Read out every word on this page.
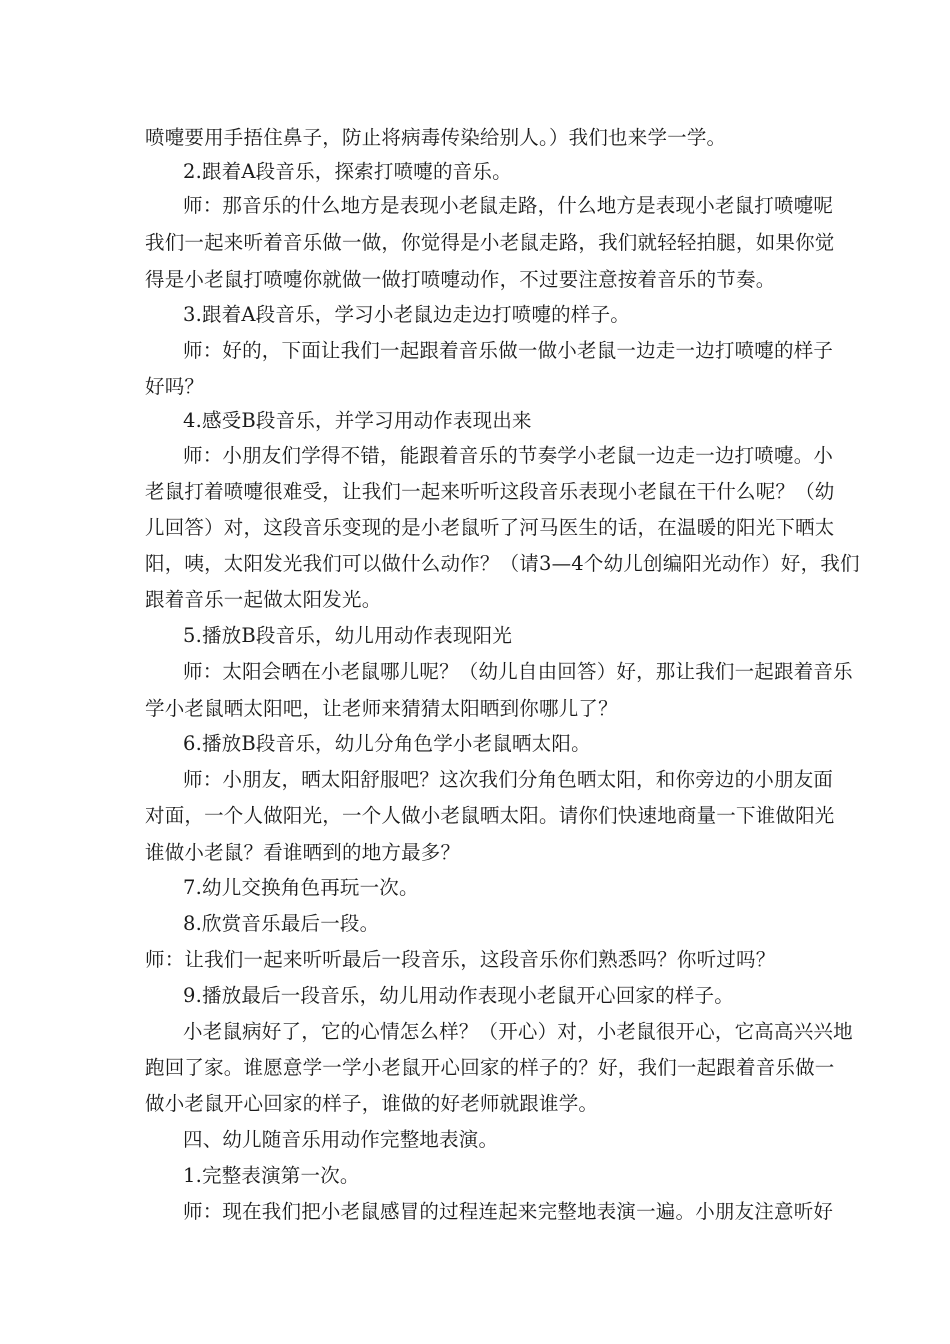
喷嚏要用手捂住鼻子，防止将病毒传染给别人。）我们也来学一学。
2.跟着A段音乐，探索打喷嚏的音乐。
师：那音乐的什么地方是表现小老鼠走路，什么地方是表现小老鼠打喷嚏呢
我们一起来听着音乐做一做，你觉得是小老鼠走路，我们就轻轻拍腿，如果你觉
得是小老鼠打喷嚏你就做一做打喷嚏动作，不过要注意按着音乐的节奏。
3.跟着A段音乐，学习小老鼠边走边打喷嚏的样子。
师：好的，下面让我们一起跟着音乐做一做小老鼠一边走一边打喷嚏的样子
好吗？
4.感受B段音乐，并学习用动作表现出来
师：小朋友们学得不错，能跟着音乐的节奏学小老鼠一边走一边打喷嚏。小
老鼠打着喷嚏很难受，让我们一起来听听这段音乐表现小老鼠在干什么呢？（幼
儿回答）对，这段音乐变现的是小老鼠听了河马医生的话，在温暖的阳光下晒太
阳，咦，太阳发光我们可以做什么动作？（请3—4个幼儿创编阳光动作）好，我们
跟着音乐一起做太阳发光。
5.播放B段音乐，幼儿用动作表现阳光
师：太阳会晒在小老鼠哪儿呢？（幼儿自由回答）好，那让我们一起跟着音乐
学小老鼠晒太阳吧，让老师来猜猜太阳晒到你哪儿了？
6.播放B段音乐，幼儿分角色学小老鼠晒太阳。
师：小朋友，晒太阳舒服吧？这次我们分角色晒太阳，和你旁边的小朋友面
对面，一个人做阳光，一个人做小老鼠晒太阳。请你们快速地商量一下谁做阳光
谁做小老鼠？看谁晒到的地方最多？
7.幼儿交换角色再玩一次。
8.欣赏音乐最后一段。
师：让我们一起来听听最后一段音乐，这段音乐你们熟悉吗？你听过吗？
9.播放最后一段音乐，幼儿用动作表现小老鼠开心回家的样子。
小老鼠病好了，它的心情怎么样？（开心）对，小老鼠很开心，它高高兴兴地
跑回了家。谁愿意学一学小老鼠开心回家的样子的？好，我们一起跟着音乐做一
做小老鼠开心回家的样子，谁做的好老师就跟谁学。
四、幼儿随音乐用动作完整地表演。
1.完整表演第一次。
师：现在我们把小老鼠感冒的过程连起来完整地表演一遍。小朋友注意听好
